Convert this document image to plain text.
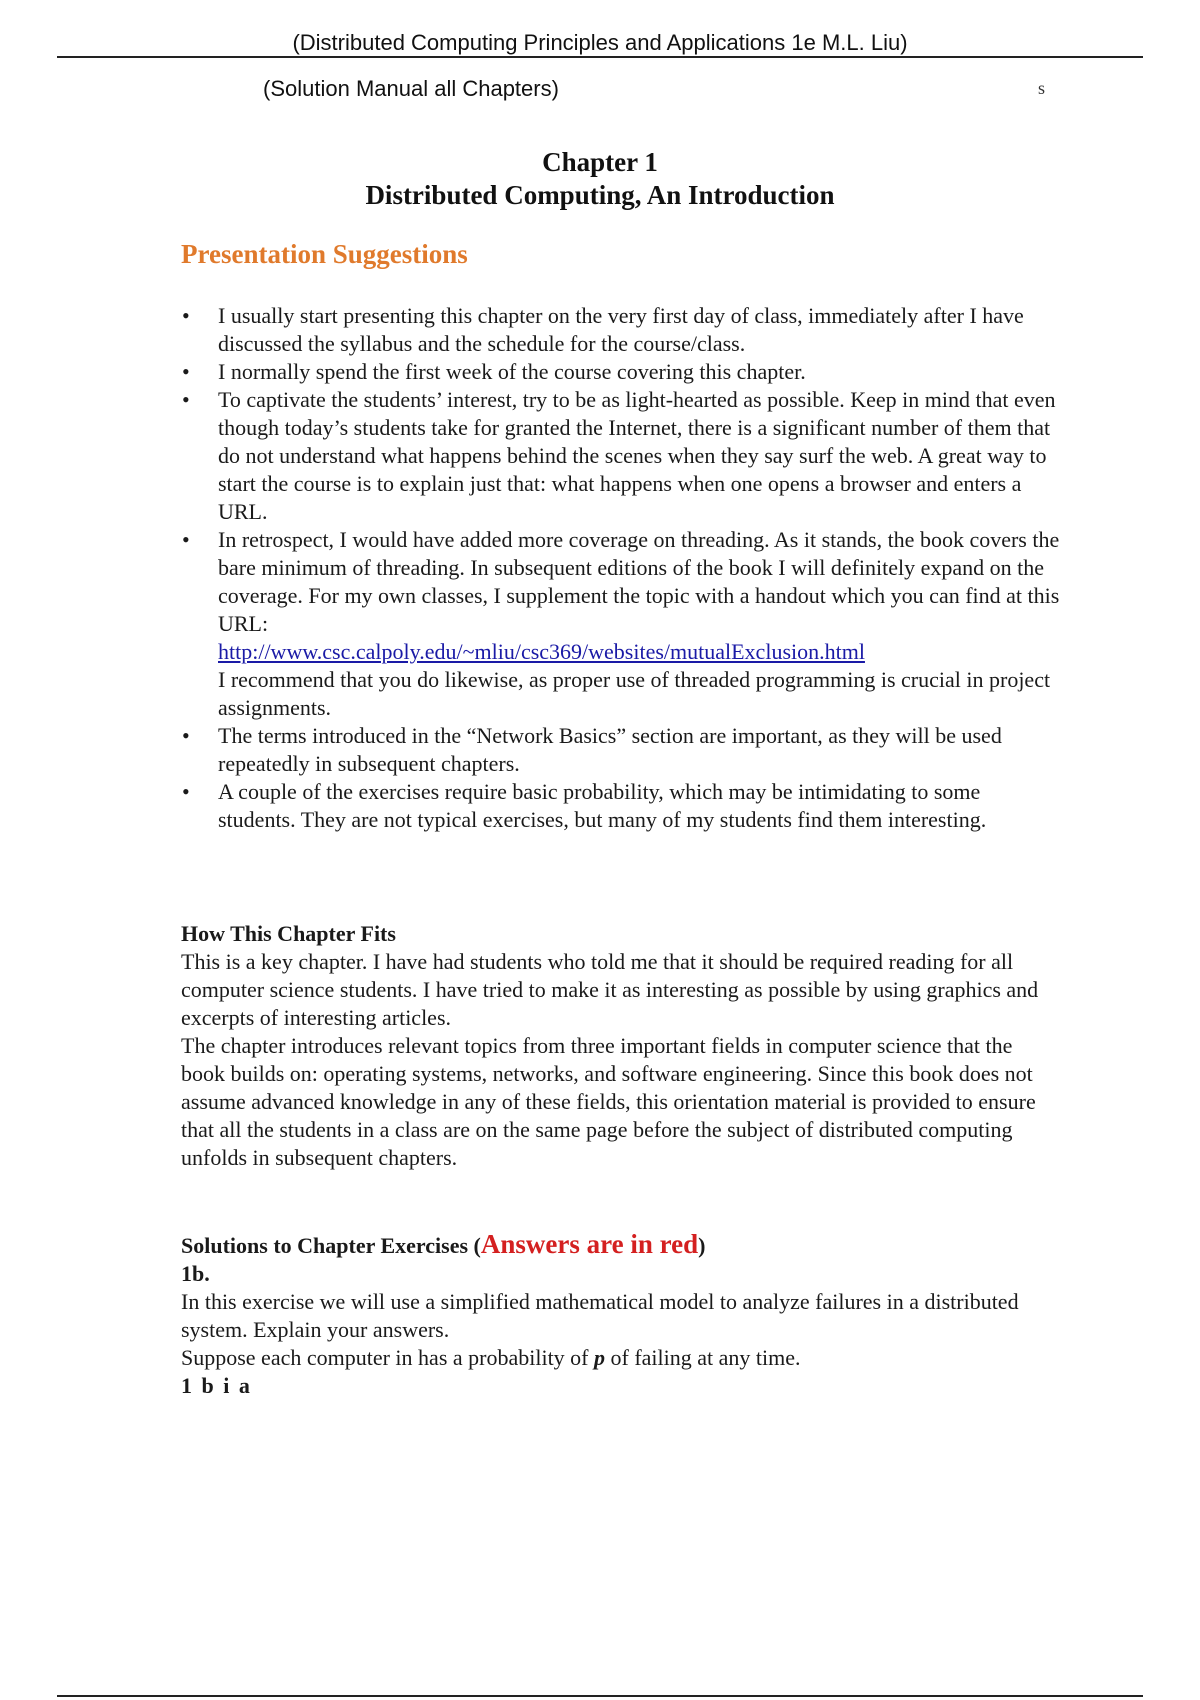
(Distributed Computing Principles and Applications 1e M.L. Liu)
(Solution Manual all Chapters)	s
Chapter 1
Distributed Computing, An Introduction
Presentation Suggestions
• I usually start presenting this chapter on the very first day of class, immediately after I have discussed the syllabus and the schedule for the course/class.
• I normally spend the first week of the course covering this chapter.
• To captivate the students’ interest, try to be as light-hearted as possible. Keep in mind that even though today’s students take for granted the Internet, there is a significant number of them that do not understand what happens behind the scenes when they say surf the web. A great way to start the course is to explain just that: what happens when one opens a browser and enters a URL.
• In retrospect, I would have added more coverage on threading. As it stands, the book covers the bare minimum of threading. In subsequent editions of the book I will definitely expand on the coverage. For my own classes, I supplement the topic with a handout which you can find at this URL:
http://www.csc.calpoly.edu/~mliu/csc369/websites/mutualExclusion.html
I recommend that you do likewise, as proper use of threaded programming is crucial in project assignments.
• The terms introduced in the “Network Basics” section are important, as they will be used repeatedly in subsequent chapters.
• A couple of the exercises require basic probability, which may be intimidating to some students. They are not typical exercises, but many of my students find them interesting.
How This Chapter Fits
This is a key chapter. I have had students who told me that it should be required reading for all computer science students. I have tried to make it as interesting as possible by using graphics and excerpts of interesting articles.
The chapter introduces relevant topics from three important fields in computer science that the book builds on: operating systems, networks, and software engineering. Since this book does not assume advanced knowledge in any of these fields, this orientation material is provided to ensure that all the students in a class are on the same page before the subject of distributed computing unfolds in subsequent chapters.
Solutions to Chapter Exercises (Answers are in red)
1b.
In this exercise we will use a simplified mathematical model to analyze failures in a distributed system. Explain your answers.
Suppose each computer in has a probability of p of failing at any time.
1 b i a
